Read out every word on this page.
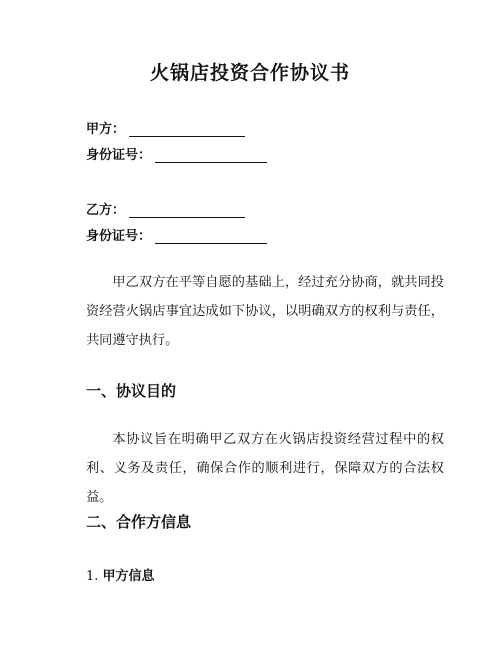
火锅店投资合作协议书
甲方：
身份证号：
乙方：
身份证号：
甲乙双方在平等自愿的基础上，经过充分协商，就共同投资经营火锅店事宜达成如下协议，以明确双方的权利与责任，共同遵守执行。
一、协议目的
本协议旨在明确甲乙双方在火锅店投资经营过程中的权利、义务及责任，确保合作的顺利进行，保障双方的合法权益。
二、合作方信息
1. 甲方信息
